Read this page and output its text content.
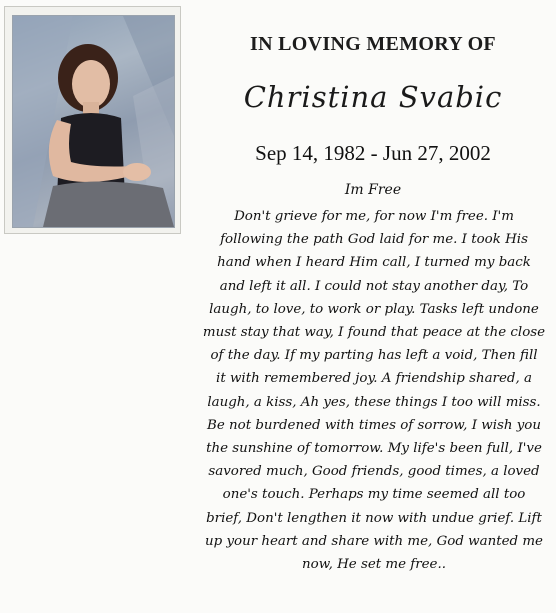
IN LOVING MEMORY OF
Christina Svabic
Sep 14, 1982 - Jun 27, 2002
Im Free
Don't grieve for me, for now I'm free. I'm
following the path God laid for me. I took His
hand when I heard Him call, I turned my back
and left it all. I could not stay another day, To
laugh, to love, to work or play. Tasks left undone
must stay that way, I found that peace at the close
of the day. If my parting has left a void, Then fill
it with remembered joy. A friendship shared, a
laugh, a kiss, Ah yes, these things I too will miss.
Be not burdened with times of sorrow, I wish you
the sunshine of tomorrow. My life's been full, I've
savored much, Good friends, good times, a loved
one's touch. Perhaps my time seemed all too
brief, Don't lengthen it now with undue grief. Lift
up your heart and share with me, God wanted me
now, He set me free..
